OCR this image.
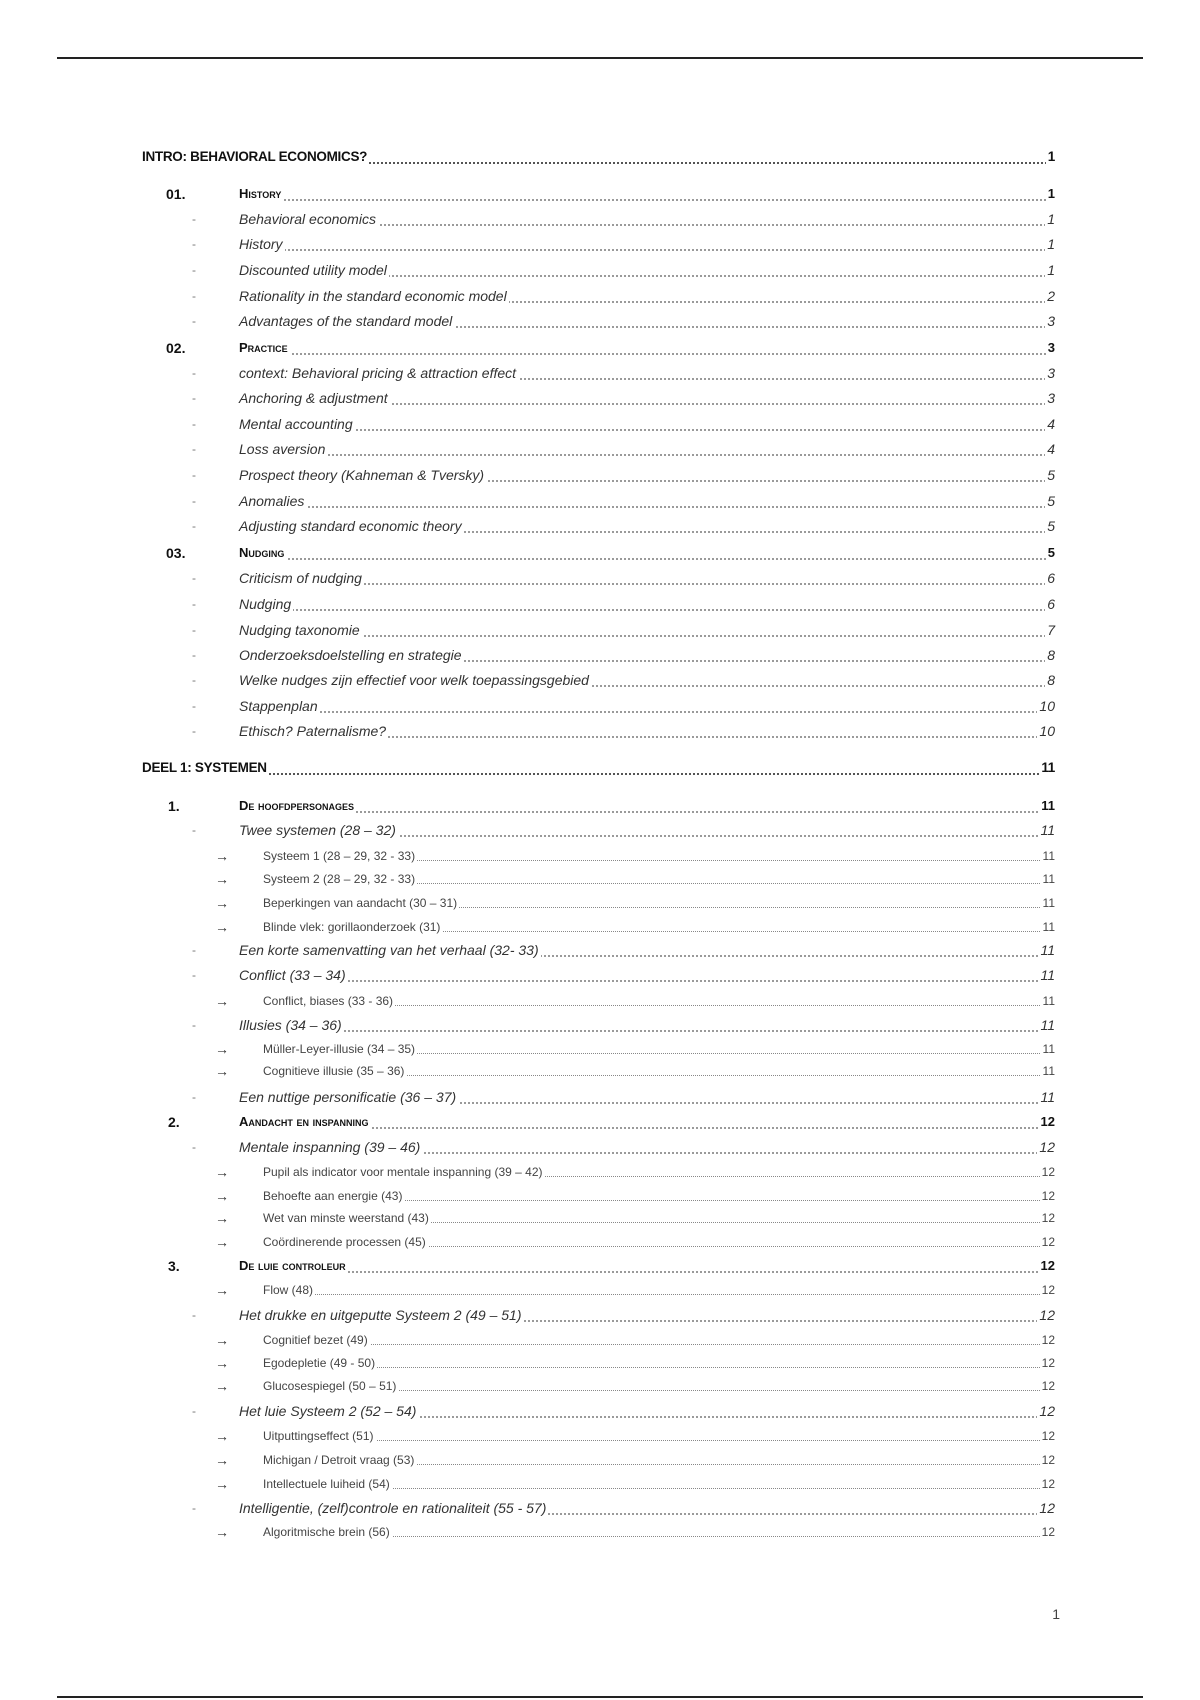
INTRO: BEHAVIORAL ECONOMICS?	1
01.	History	1
-	Behavioral economics	1
-	History	1
-	Discounted utility model	1
-	Rationality in the standard economic model	2
-	Advantages of the standard model	3
02.	Practice	3
-	context: Behavioral pricing & attraction effect	3
-	Anchoring & adjustment	3
-	Mental accounting	4
-	Loss aversion	4
-	Prospect theory (Kahneman & Tversky)	5
-	Anomalies	5
-	Adjusting standard economic theory	5
03.	Nudging	5
-	Criticism of nudging	6
-	Nudging	6
-	Nudging taxonomie	7
-	Onderzoeksdoelstelling en strategie	8
-	Welke nudges zijn effectief voor welk toepassingsgebied	8
-	Stappenplan	10
-	Ethisch? Paternalisme?	10
DEEL 1: SYSTEMEN	11
1.	De hoofdpersonages	11
-	Twee systemen (28 – 32)	11
→	Systeem 1 (28 – 29, 32 - 33)	11
→	Systeem 2 (28 – 29, 32 - 33)	11
→	Beperkingen van aandacht (30 – 31)	11
→	Blinde vlek: gorillaonderzoek (31)	11
-	Een korte samenvatting van het verhaal (32- 33)	11
-	Conflict (33 – 34)	11
→	Conflict, biases (33 - 36)	11
-	Illusies (34 – 36)	11
→	Müller-Leyer-illusie (34 – 35)	11
→	Cognitieve illusie (35 – 36)	11
-	Een nuttige personificatie (36 – 37)	11
2.	Aandacht en inspanning	12
-	Mentale inspanning (39 – 46)	12
→	Pupil als indicator voor mentale inspanning (39 – 42)	12
→	Behoefte aan energie (43)	12
→	Wet van minste weerstand (43)	12
→	Coördinerende processen (45)	12
3.	De luie controleur	12
→	Flow (48)	12
-	Het drukke en uitgeputte Systeem 2 (49 – 51)	12
→	Cognitief bezet (49)	12
→	Egodepletie (49 - 50)	12
→	Glucosespiegel (50 – 51)	12
-	Het luie Systeem 2 (52 – 54)	12
→	Uitputtingseffect (51)	12
→	Michigan / Detroit vraag (53)	12
→	Intellectuele luiheid (54)	12
-	Intelligentie, (zelf)controle en rationaliteit (55 - 57)	12
→	Algoritmische brein (56)	12
1
